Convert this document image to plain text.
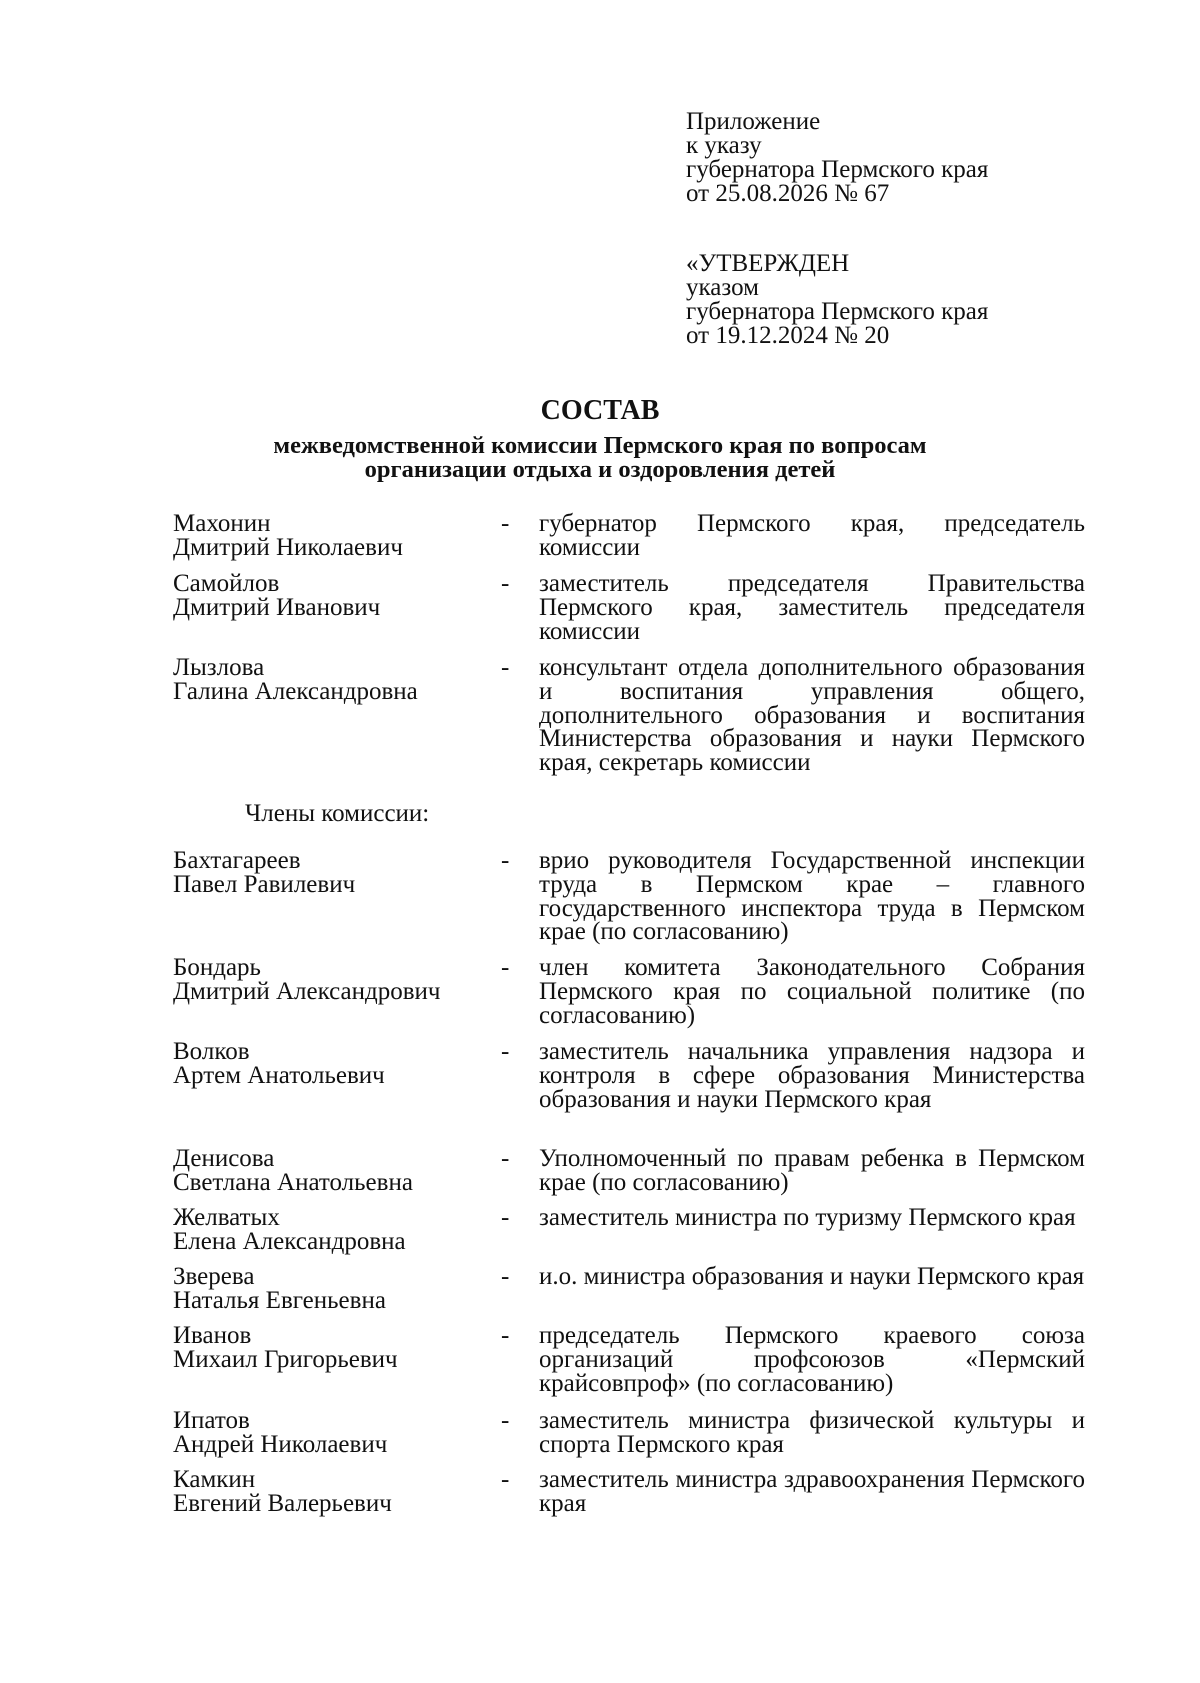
Приложение
к указу
губернатора Пермского края
от 25.08.2026 № 67
«УТВЕРЖДЕН
указом
губернатора Пермского края
от 19.12.2024 № 20
СОСТАВ
межведомственной комиссии Пермского края по вопросам
организации отдыха и оздоровления детей
Махонин
Дмитрий Николаевич
- губернатор Пермского края, председатель комиссии
Самойлов
Дмитрий Иванович
- заместитель председателя Правительства Пермского края, заместитель председателя комиссии
Лызлова
Галина Александровна
- консультант отдела дополнительного образования и воспитания управления общего, дополнительного образования и воспитания Министерства образования и науки Пермского края, секретарь комиссии
Члены комиссии:
Бахтагареев
Павел Равилевич
- врио руководителя Государственной инспекции труда в Пермском крае – главного государственного инспектора труда в Пермском крае (по согласованию)
Бондарь
Дмитрий Александрович
- член комитета Законодательного Собрания Пермского края по социальной политике (по согласованию)
Волков
Артем Анатольевич
- заместитель начальника управления надзора и контроля в сфере образования Министерства образования и науки Пермского края
Денисова
Светлана Анатольевна
- Уполномоченный по правам ребенка в Пермском крае (по согласованию)
Желватых
Елена Александровна
- заместитель министра по туризму Пермского края
Зверева
Наталья Евгеньевна
- и.о. министра образования и науки Пермского края
Иванов
Михаил Григорьевич
- председатель Пермского краевого союза организаций профсоюзов «Пермский крайсовпроф» (по согласованию)
Ипатов
Андрей Николаевич
- заместитель министра физической культуры и спорта Пермского края
Камкин
Евгений Валерьевич
- заместитель министра здравоохранения Пермского края
